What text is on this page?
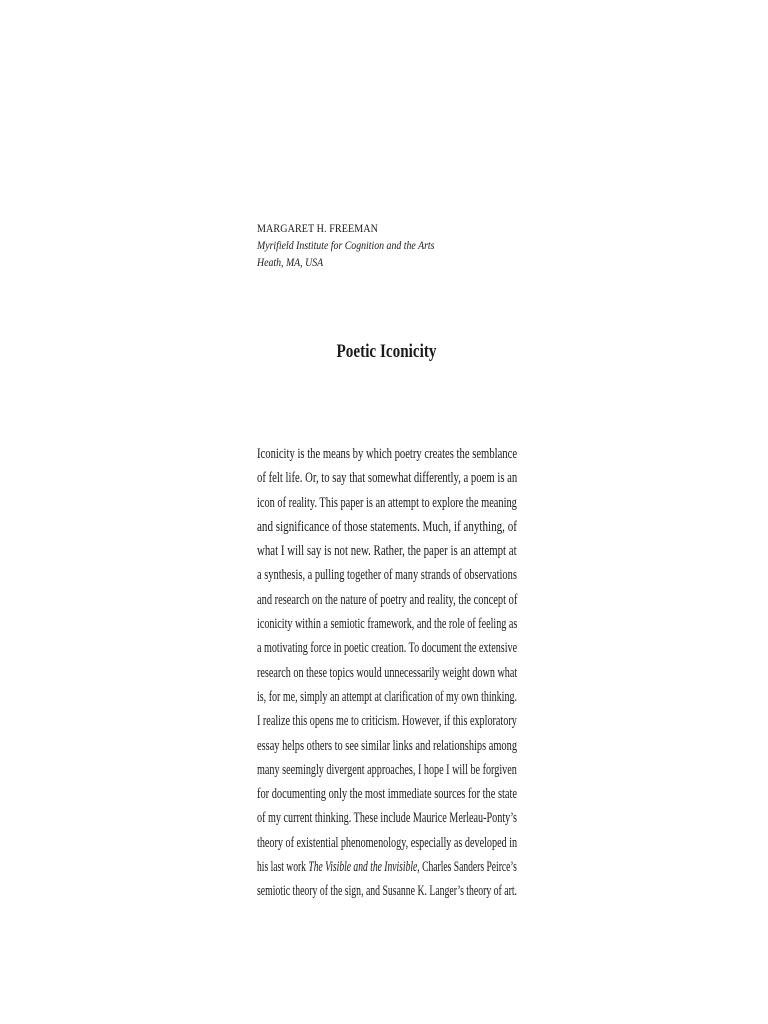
MARGARET H. FREEMAN

Myrifield Institute for Cognition and the Arts

Heath, MA, USA

Poetic Iconicity
Iconicity is the means by which poetry creates the semblance
of felt life. Or, to say that somewhat differently, a poem is an
icon of reality. This paper is an attempt to explore the meaning
and significance of those statements. Much, if anything, of
what I will say is not new. Rather, the paper is an attempt at
a synthesis, a pulling together of many strands of observations
and research on the nature of poetry and reality, the concept of
iconicity within a semiotic framework, and the role of feeling as
a motivating force in poetic creation. To document the extensive
research on these topics would unnecessarily weight down what
is, for me, simply an attempt at clarification of my own thinking.
I realize this opens me to criticism. However, if this exploratory
essay helps others to see similar links and relationships among
many seemingly divergent approaches, I hope I will be forgiven
for documenting only the most immediate sources for the state
of my current thinking. These include Maurice Merleau-Ponty’s
theory of existential phenomenology, especially as developed in
his last work The Visible and the Invisible, Charles Sanders Peirce’s
semiotic theory of the sign, and Susanne K. Langer’s theory of art.
